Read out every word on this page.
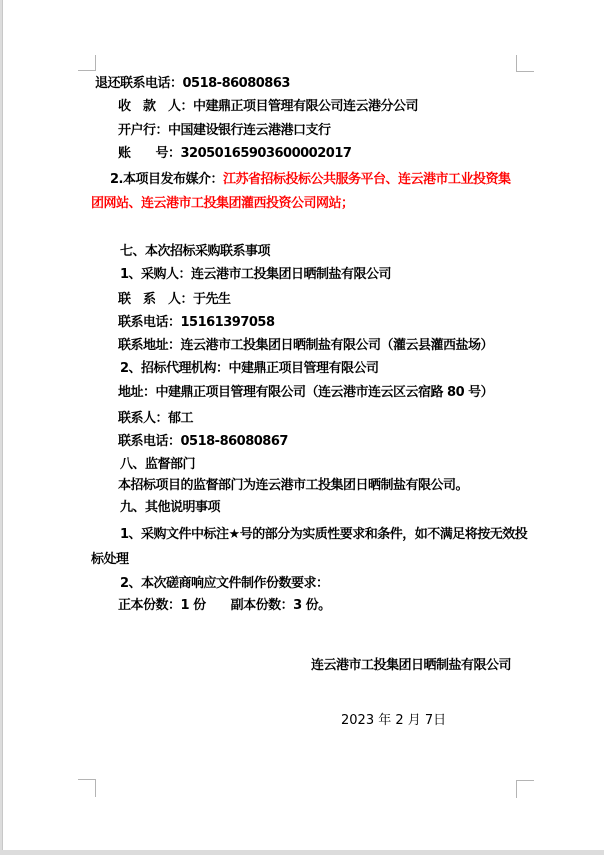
退还联系电话：0518-86080863
收　款　人：中建鼎正项目管理有限公司连云港分公司
开户行：中国建设银行连云港港口支行
账　　号：32050165903600002017
2.本项目发布媒介：江苏省招标投标公共服务平台、连云港市工业投资集
团网站、连云港市工投集团灌西投资公司网站；
七、本次招标采购联系事项
1、采购人：连云港市工投集团日晒制盐有限公司
联　系　人：于先生
联系电话：15161397058
联系地址：连云港市工投集团日晒制盐有限公司（灌云县灌西盐场）
2、招标代理机构：中建鼎正项目管理有限公司
地址：中建鼎正项目管理有限公司（连云港市连云区云宿路 80 号）
联系人：郁工
联系电话：0518-86080867
八、监督部门
本招标项目的监督部门为连云港市工投集团日晒制盐有限公司。
九、其他说明事项
1、采购文件中标注★号的部分为实质性要求和条件，如不满足将按无效投
标处理
2、本次磋商响应文件制作份数要求：
正本份数：1 份　　副本份数：3 份。
连云港市工投集团日晒制盐有限公司
2023 年 2 月 7日
